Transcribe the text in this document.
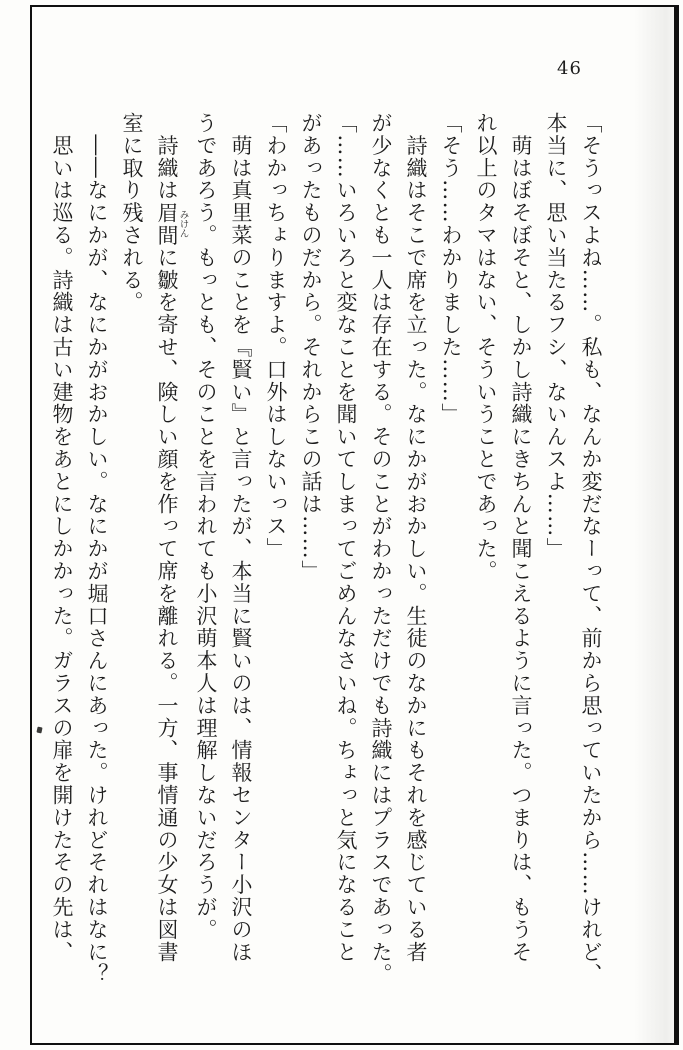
46

「そうっスよね……。私も、なんか変だなーって、前から思っていたから……けれど、

本当に、思い当たるフシ、ないんスよ……」

　萌はぼそぼそと、しかし詩織にきちんと聞こえるように言った。つまりは、もうそ

れ以上のタマはない、そういうことであった。

「そう……わかりました……」

　詩織はそこで席を立った。なにかがおかしい。生徒のなかにもそれを感じている者

が少なくとも一人は存在する。そのことがわかっただけでも詩織にはプラスであった。

「……いろいろと変なことを聞いてしまってごめんなさいね。ちょっと気になること

があったものだから。それからこの話は……」

「わかっちょりますよ。口外はしないっス」

　萌は真里菜のことを『賢い』と言ったが、本当に賢いのは、情報センター小沢のほ

うであろう。もっとも、そのことを言われても小沢萌本人は理解しないだろうが。

　詩織は眉間みけんに皺を寄せ、険しい顔を作って席を離れる。一方、事情通の少女は図書

室に取り残される。

　――なにかが、なにかがおかしい。なにかが堀口さんにあった。けれどそれはなに？

　思いは巡る。詩織は古い建物をあとにしかかった。ガラスの扉を開けたその先は、
